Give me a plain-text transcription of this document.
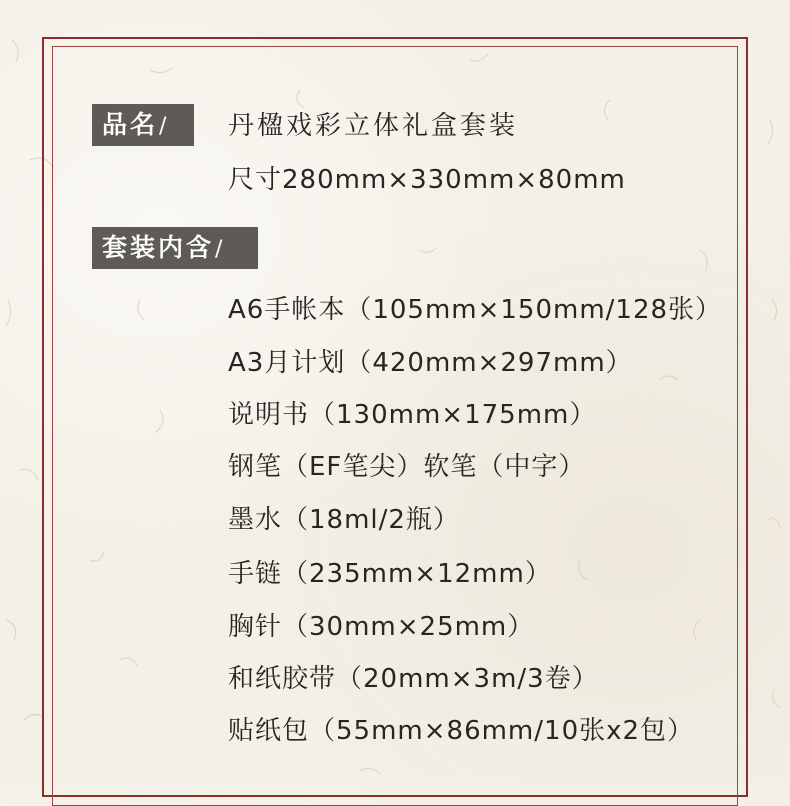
品名/	丹楹戏彩立体礼盒套装
尺寸280mm×330mm×80mm
套装内含/
A6手帐本（105mm×150mm/128张）
A3月计划（420mm×297mm）
说明书（130mm×175mm）
钢笔（EF笔尖）软笔（中字）
墨水（18ml/2瓶）
手链（235mm×12mm）
胸针（30mm×25mm）
和纸胶带（20mm×3m/3卷）
贴纸包（55mm×86mm/10张x2包）
